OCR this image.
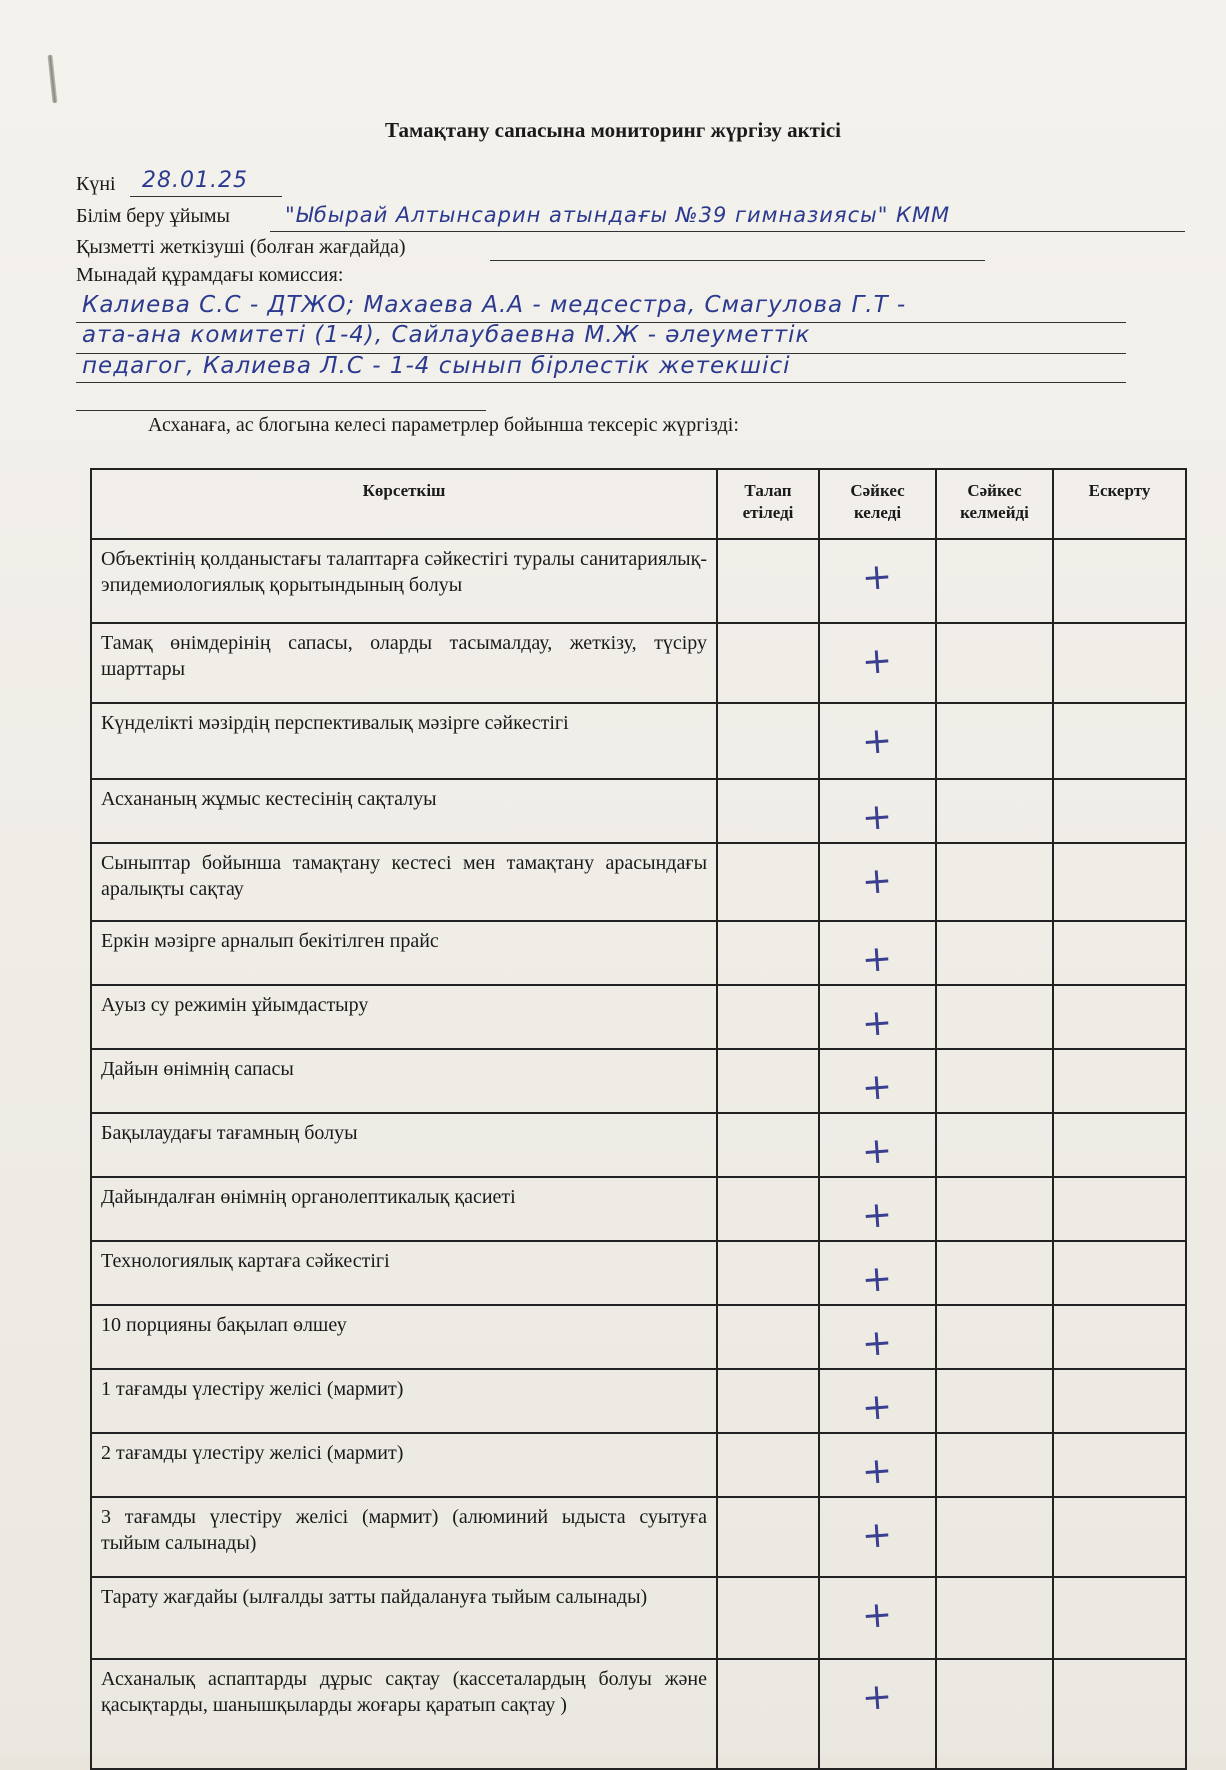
Тамақтану сапасына мониторинг жүргізу актісі
Күні 28.01.25
Білім беру ұйымы	"Ыбырай Алтынсарин атындағы №39 гимназиясы" КММ
Қызметті жеткізуші (болған жағдайда)
Мынадай құрамдағы комиссия:
Калиева С.С - ДТЖО; Махаева А.А - медсестра, Смагулова Г.Т -
ата-ана комитеті (1-4), Сайлаубаевна М.Ж - әлеуметтік
педагог, Калиева Л.С - 1-4 сынып бірлестік жетекшісі
Асханаға, ас блогына келесі параметрлер бойынша тексеріс жүргізді:
Көрсеткіш	Талап етіледі	Сәйкес келеді	Сәйкес келмейді	Ескерту
Объектінің қолданыстағы талаптарға сәйкестігі туралы санитариялық-эпидемиологиялық қорытындының болуы		+		
Тамақ өнімдерінің сапасы, оларды тасымалдау, жеткізу, түсіру шарттары		+		
Күнделікті мәзірдің перспективалық мәзірге сәйкестігі		+		
Асхананың жұмыс кестесінің сақталуы		+		
Сыныптар бойынша тамақтану кестесі мен тамақтану арасындағы аралықты сақтау		+		
Еркін мәзірге арналып бекітілген прайс		+		
Ауыз су режимін ұйымдастыру		+		
Дайын өнімнің сапасы		+		
Бақылаудағы тағамның болуы		+		
Дайындалған өнімнің органолептикалық қасиеті		+		
Технологиялық картаға сәйкестігі		+		
10 порцияны бақылап өлшеу		+		
1 тағамды үлестіру желісі (мармит)		+		
2 тағамды үлестіру желісі (мармит)		+		
3 тағамды үлестіру желісі (мармит) (алюминий ыдыста суытуға тыйым салынады)		+		
Тарату жағдайы (ылғалды затты пайдалануға тыйым салынады)		+		
Асханалық аспаптарды дұрыс сақтау (кассеталардың болуы және қасықтарды, шанышқыларды жоғары қаратып сақтау )		+		
